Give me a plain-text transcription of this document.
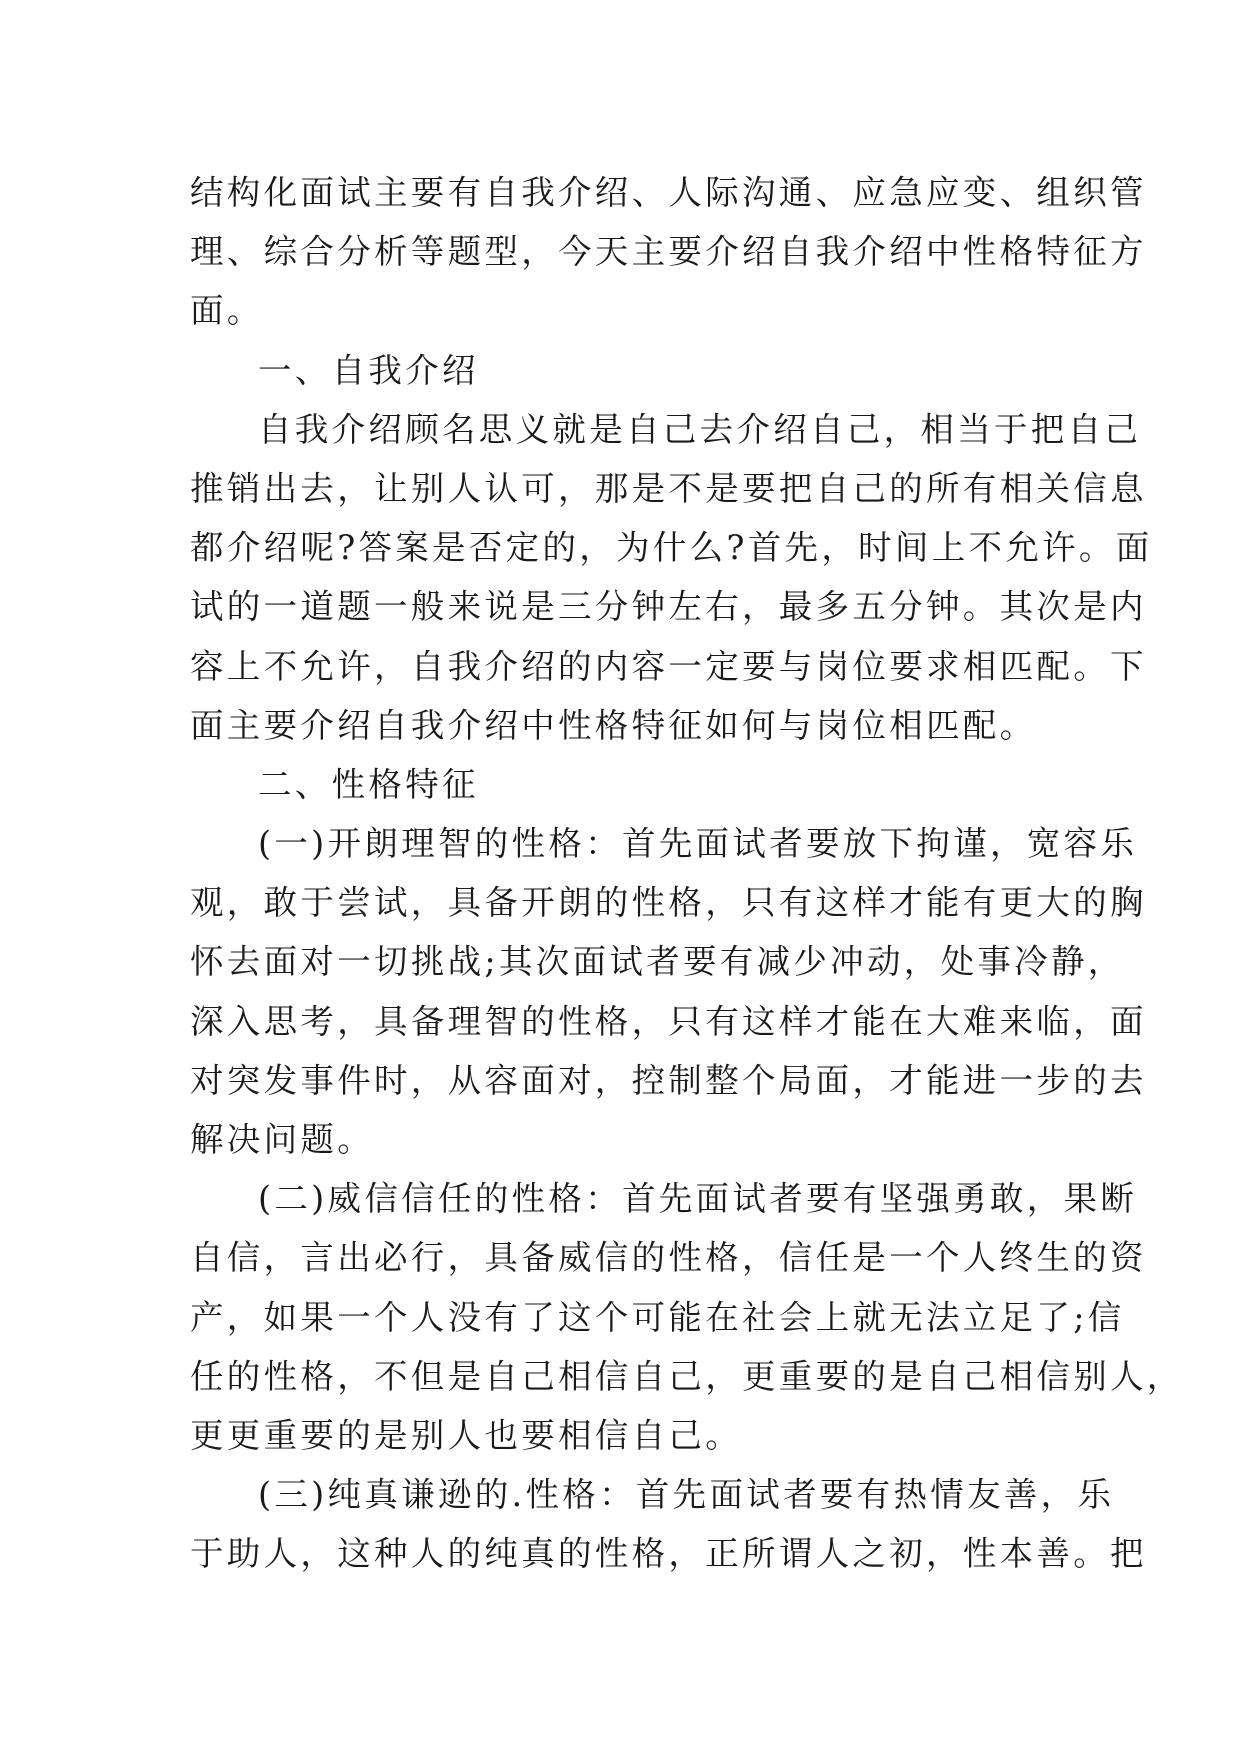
结构化面试主要有自我介绍、人际沟通、应急应变、组织管
理、综合分析等题型，今天主要介绍自我介绍中性格特征方
面。
一、自我介绍
自我介绍顾名思义就是自己去介绍自己，相当于把自己
推销出去，让别人认可，那是不是要把自己的所有相关信息
都介绍呢?答案是否定的，为什么?首先，时间上不允许。面
试的一道题一般来说是三分钟左右，最多五分钟。其次是内
容上不允许，自我介绍的内容一定要与岗位要求相匹配。下
面主要介绍自我介绍中性格特征如何与岗位相匹配。
二、性格特征
(一)开朗理智的性格：首先面试者要放下拘谨，宽容乐
观，敢于尝试，具备开朗的性格，只有这样才能有更大的胸
怀去面对一切挑战;其次面试者要有减少冲动，处事冷静，
深入思考，具备理智的性格，只有这样才能在大难来临，面
对突发事件时，从容面对，控制整个局面，才能进一步的去
解决问题。
(二)威信信任的性格：首先面试者要有坚强勇敢，果断
自信，言出必行，具备威信的性格，信任是一个人终生的资
产，如果一个人没有了这个可能在社会上就无法立足了;信
任的性格，不但是自己相信自己，更重要的是自己相信别人，
更更重要的是别人也要相信自己。
(三)纯真谦逊的.性格：首先面试者要有热情友善，乐
于助人，这种人的纯真的性格，正所谓人之初，性本善。把
